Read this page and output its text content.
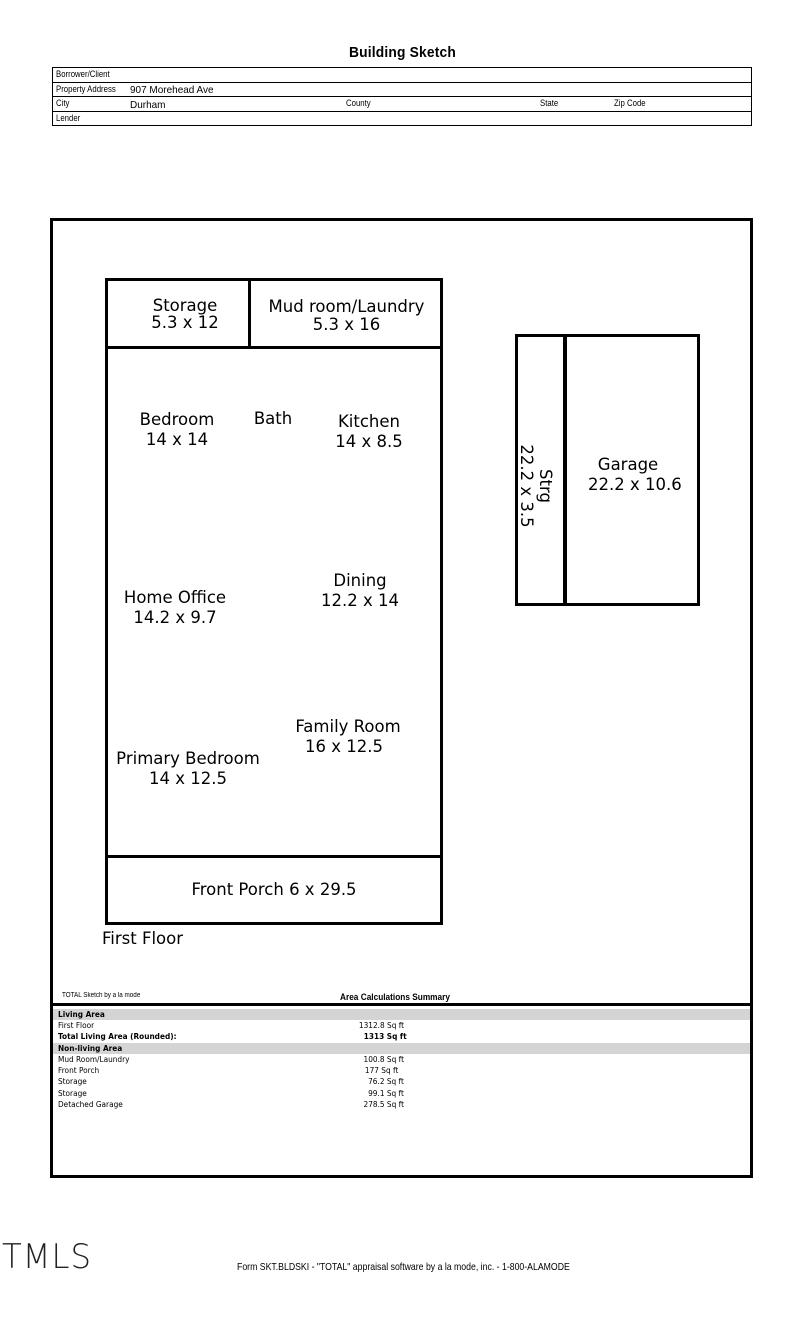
Building Sketch
Borrower/Client
Property Address 907 Morehead Ave
City	Durham	County	State	Zip Code
Lender
Storage
5.3 x 12
Mud room/Laundry
5.3 x 16
Bedroom
14 x 14
Bath	Kitchen
14 x 8.5
Home Office
14.2 x 9.7
Dining
12.2 x 14
Family Room
16 x 12.5
Primary Bedroom
14 x 12.5
Front Porch 6 x 29.5
Garage
22.2 x 10.6
Strg
22.2 x 3.5
First Floor
TOTAL Sketch by a la mode	Area Calculations Summary
Living Area
First Floor	1312.8 Sq ft
Total Living Area (Rounded):	1313 Sq ft
Non-living Area
Mud Room/Laundry	100.8 Sq ft
Front Porch	177 Sq ft
Storage	76.2 Sq ft
Storage	99.1 Sq ft
Detached Garage	278.5 Sq ft
TMLS	Form SKT.BLDSKI - "TOTAL" appraisal software by a la mode, inc. - 1-800-ALAMODE
